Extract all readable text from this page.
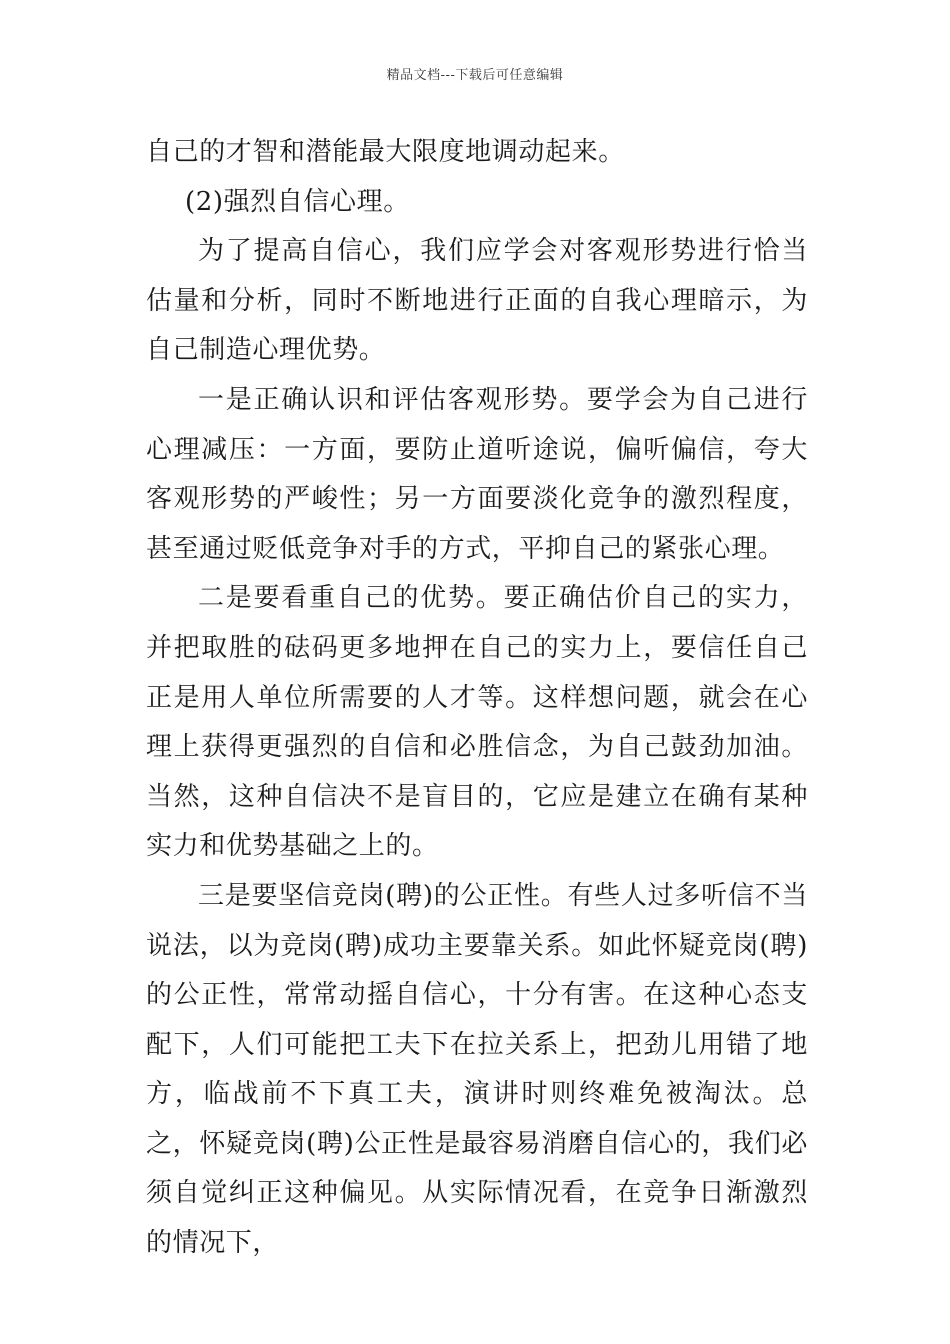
精品文档---下载后可任意编辑

自己的才智和潜能最大限度地调动起来。

(2)强烈自信心理。

为了提高自信心，我们应学会对客观形势进行恰当估量和分析，同时不断地进行正面的自我心理暗示，为自己制造心理优势。

一是正确认识和评估客观形势。要学会为自己进行心理减压：一方面，要防止道听途说，偏听偏信，夸大客观形势的严峻性；另一方面要淡化竞争的激烈程度，甚至通过贬低竞争对手的方式，平抑自己的紧张心理。

二是要看重自己的优势。要正确估价自己的实力，并把取胜的砝码更多地押在自己的实力上，要信任自己正是用人单位所需要的人才等。这样想问题，就会在心理上获得更强烈的自信和必胜信念，为自己鼓劲加油。当然，这种自信决不是盲目的，它应是建立在确有某种实力和优势基础之上的。

三是要坚信竞岗(聘)的公正性。有些人过多听信不当说法，以为竞岗(聘)成功主要靠关系。如此怀疑竞岗(聘)的公正性，常常动摇自信心，十分有害。在这种心态支配下，人们可能把工夫下在拉关系上，把劲儿用错了地方，临战前不下真工夫，演讲时则终难免被淘汰。总之，怀疑竞岗(聘)公正性是最容易消磨自信心的，我们必须自觉纠正这种偏见。从实际情况看，在竞争日渐激烈的情况下，
